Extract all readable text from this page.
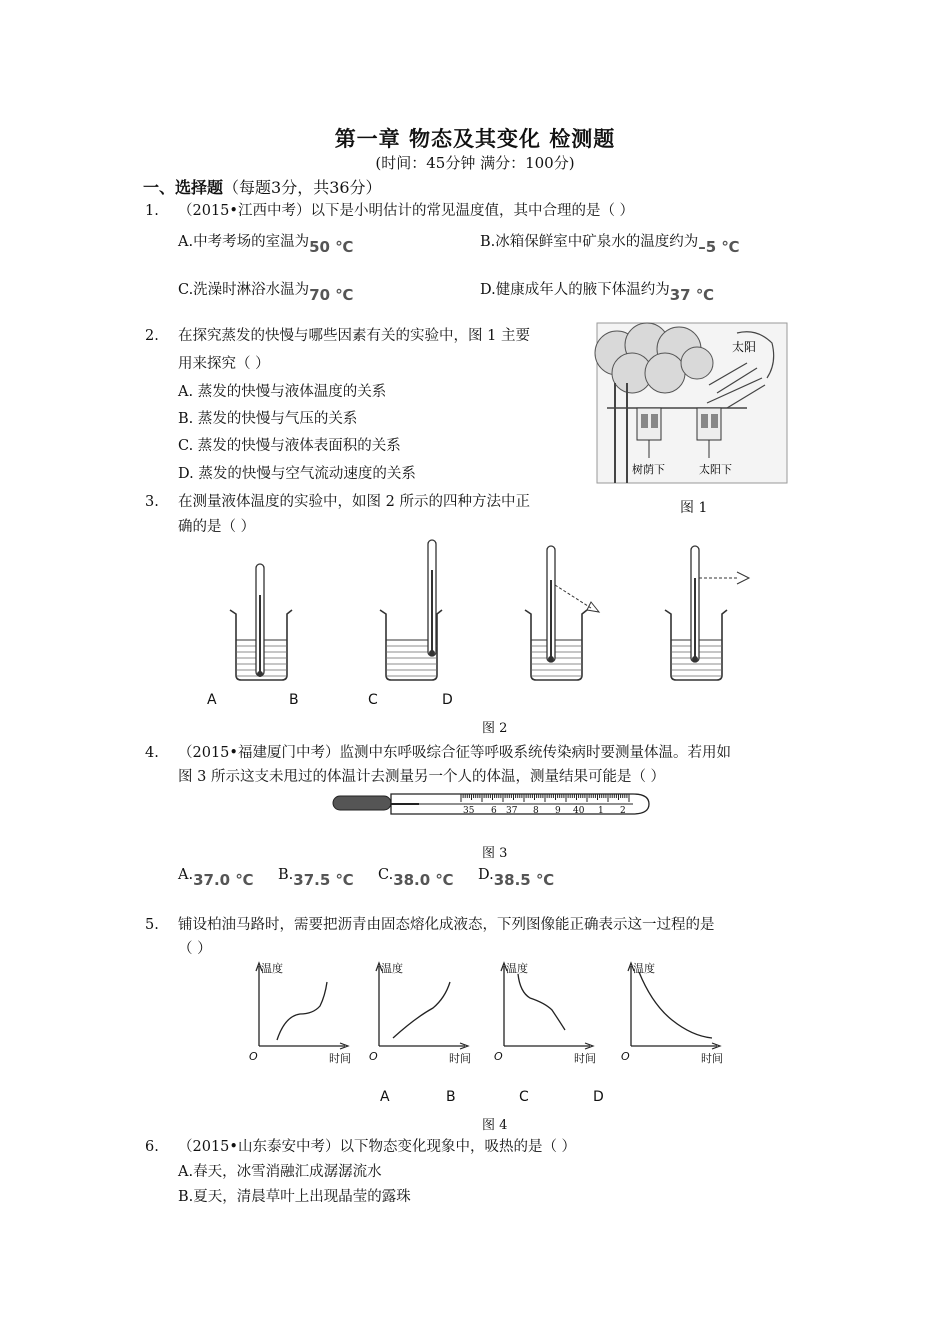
第一章 物态及其变化 检测题
(时间：45分钟 满分：100分)
一、选择题（每题3分，共36分）
1. （2015•江西中考）以下是小明估计的常见温度值，其中合理的是（ ）
A.中考考场的室温为50 ℃	B.冰箱保鲜室中矿泉水的温度约为–5 ℃
C.洗澡时淋浴水温为70 ℃	D.健康成年人的腋下体温约为37 ℃
2. 在探究蒸发的快慢与哪些因素有关的实验中，图 1 主要
用来探究（ ）
A. 蒸发的快慢与液体温度的关系
B. 蒸发的快慢与气压的关系
C. 蒸发的快慢与液体表面积的关系
D. 蒸发的快慢与空气流动速度的关系
太阳
树荫下	太阳下
图 1
3. 在测量液体温度的实验中，如图 2 所示的四种方法中正
确的是（ ）
A	B	C	D
图 2
4. （2015•福建厦门中考）监测中东呼吸综合征等呼吸系统传染病时要测量体温。若用如
图 3 所示这支未甩过的体温计去测量另一个人的体温，测量结果可能是（ ）
35 6 37 8 9 40 1 2
图 3
A.37.0 ℃ B.37.5 ℃ C.38.0 ℃ D.38.5 ℃
5. 铺设柏油马路时，需要把沥青由固态熔化成液态，下列图像能正确表示这一过程的是
（ ）
温度
时间
O
温度
时间
O
温度
时间
O
温度
时间
O
A	B	C	D
图 4
6. （2015•山东泰安中考）以下物态变化现象中，吸热的是（ ）
A.春天，冰雪消融汇成潺潺流水
B.夏天，清晨草叶上出现晶莹的露珠
